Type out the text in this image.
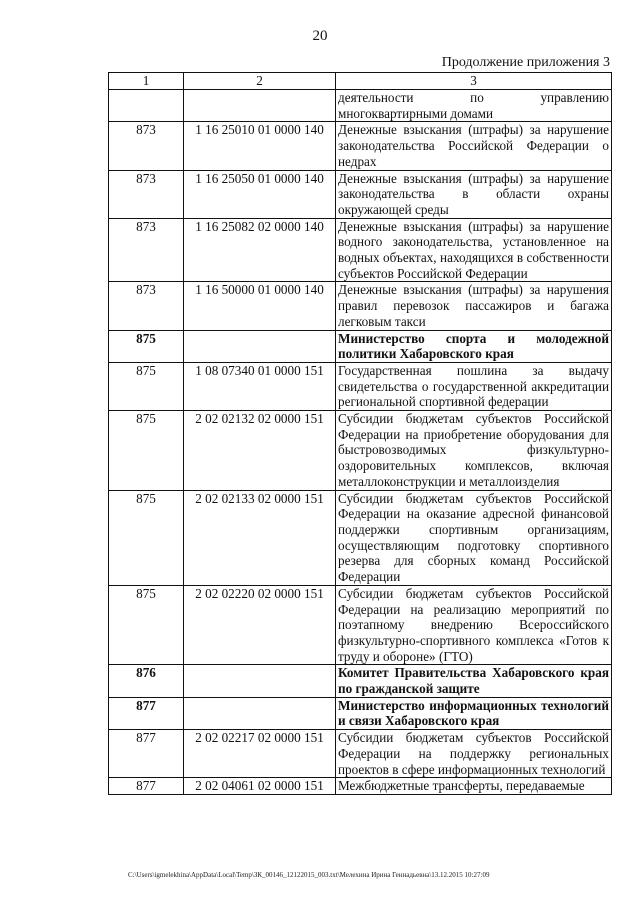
20
Продолжение приложения 3
1	2	3
		деятельности по управлению многоквартирными домами
873	1 16 25010 01 0000 140	Денежные взыскания (штрафы) за нарушение законодательства Российской Федерации о недрах
873	1 16 25050 01 0000 140	Денежные взыскания (штрафы) за нарушение законодательства в области охраны окружающей среды
873	1 16 25082 02 0000 140	Денежные взыскания (штрафы) за нарушение водного законодательства, установленное на водных объектах, находящихся в собственности субъектов Российской Федерации
873	1 16 50000 01 0000 140	Денежные взыскания (штрафы) за нарушения правил перевозок пассажиров и багажа легковым такси
875		Министерство спорта и молодежной политики Хабаровского края
875	1 08 07340 01 0000 151	Государственная пошлина за выдачу свидетельства о государственной аккредитации региональной спортивной федерации
875	2 02 02132 02 0000 151	Субсидии бюджетам субъектов Российской Федерации на приобретение оборудования для быстровозводимых физкультурно-оздоровительных комплексов, включая металлоконструкции и металлоизделия
875	2 02 02133 02 0000 151	Субсидии бюджетам субъектов Российской Федерации на оказание адресной финансовой поддержки спортивным организациям, осуществляющим подготовку спортивного резерва для сборных команд Российской Федерации
875	2 02 02220 02 0000 151	Субсидии бюджетам субъектов Российской Федерации на реализацию мероприятий по поэтапному внедрению Всероссийского физкультурно-спортивного комплекса «Готов к труду и обороне» (ГТО)
876		Комитет Правительства Хабаровского края по гражданской защите
877		Министерство информационных технологий и связи Хабаровского края
877	2 02 02217 02 0000 151	Субсидии бюджетам субъектов Российской Федерации на поддержку региональных проектов в сфере информационных технологий
877	2 02 04061 02 0000 151	Межбюджетные трансферты, передаваемые
C:\Users\igmelekhina\AppData\Local\Temp\ЗК_00146_12122015_003.txt\Мелехина Ирина Геннадьевна\13.12.2015 10:27:09
